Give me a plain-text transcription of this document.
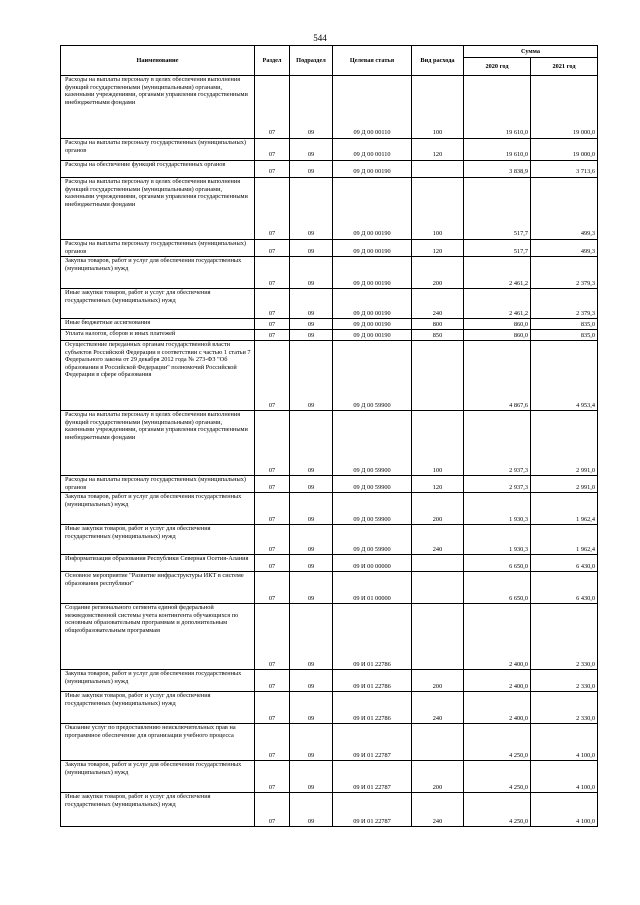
544
Наименование	Раздел	Подраздел	Целевая статья	Вид расхода	Сумма	
					2020 год	2021 год
Расходы на выплаты персоналу в целях обеспечения выполнения функций государственными (муниципальными) органами, казенными учреждениями, органами управления государственными внебюджетными фондами	07	09	09 Д 00 00110	100	19 610,0	19 000,0
Расходы на выплаты персоналу государственных (муниципальных) органов	07	09	09 Д 00 00110	120	19 610,0	19 000,0
Расходы на обеспечение функций государственных органов	07	09	09 Д 00 00190		3 838,9	3 713,6
Расходы на выплаты персоналу в целях обеспечения выполнения функций государственными (муниципальными) органами, казенными учреждениями, органами управления государственными внебюджетными фондами	07	09	09 Д 00 00190	100	517,7	499,3
Расходы на выплаты персоналу государственных (муниципальных) органов	07	09	09 Д 00 00190	120	517,7	499,3
Закупка товаров, работ и услуг для обеспечения государственных (муниципальных) нужд	07	09	09 Д 00 00190	200	2 461,2	2 379,3
Иные закупки товаров, работ и услуг для обеспечения государственных (муниципальных) нужд	07	09	09 Д 00 00190	240	2 461,2	2 379,3
Иные бюджетные ассигнования	07	09	09 Д 00 00190	800	860,0	835,0
Уплата налогов, сборов и иных платежей	07	09	09 Д 00 00190	850	860,0	835,0
Осуществление переданных органам государственной власти субъектов Российской Федерации в соответствии с частью 1 статьи 7 Федерального закона от 29 декабря 2012 года № 273-ФЗ "Об образовании в Российской Федерации" полномочий Российской Федерации в сфере образования	07	09	09 Д 00 59900		4 867,6	4 953,4
Расходы на выплаты персоналу в целях обеспечения выполнения функций государственными (муниципальными) органами, казенными учреждениями, органами управления государственными внебюджетными фондами	07	09	09 Д 00 59900	100	2 937,3	2 991,0
Расходы на выплаты персоналу государственных (муниципальных) органов	07	09	09 Д 00 59900	120	2 937,3	2 991,0
Закупка товаров, работ и услуг для обеспечения государственных (муниципальных) нужд	07	09	09 Д 00 59900	200	1 930,3	1 962,4
Иные закупки товаров, работ и услуг для обеспечения государственных (муниципальных) нужд	07	09	09 Д 00 59900	240	1 930,3	1 962,4
Информатизация образования Республики Северная Осетия-Алания	07	09	09 И 00 00000		6 650,0	6 430,0
Основное мероприятие "Развитие инфраструктуры ИКТ в системе образования республики"	07	09	09 И 01 00000		6 650,0	6 430,0
Создание регионального сегмента единой федеральной межведомственной системы учета контингента обучающихся по основным образовательным программам и дополнительным общеобразовательным программам	07	09	09 И 01 22786		2 400,0	2 330,0
Закупка товаров, работ и услуг для обеспечения государственных (муниципальных) нужд	07	09	09 И 01 22786	200	2 400,0	2 330,0
Иные закупки товаров, работ и услуг для обеспечения государственных (муниципальных) нужд	07	09	09 И 01 22786	240	2 400,0	2 330,0
Оказание услуг по предоставлению неисключительных прав на программное обеспечение для организации учебного процесса	07	09	09 И 01 22787		4 250,0	4 100,0
Закупка товаров, работ и услуг для обеспечения государственных (муниципальных) нужд	07	09	09 И 01 22787	200	4 250,0	4 100,0
Иные закупки товаров, работ и услуг для обеспечения государственных (муниципальных) нужд	07	09	09 И 01 22787	240	4 250,0	4 100,0
